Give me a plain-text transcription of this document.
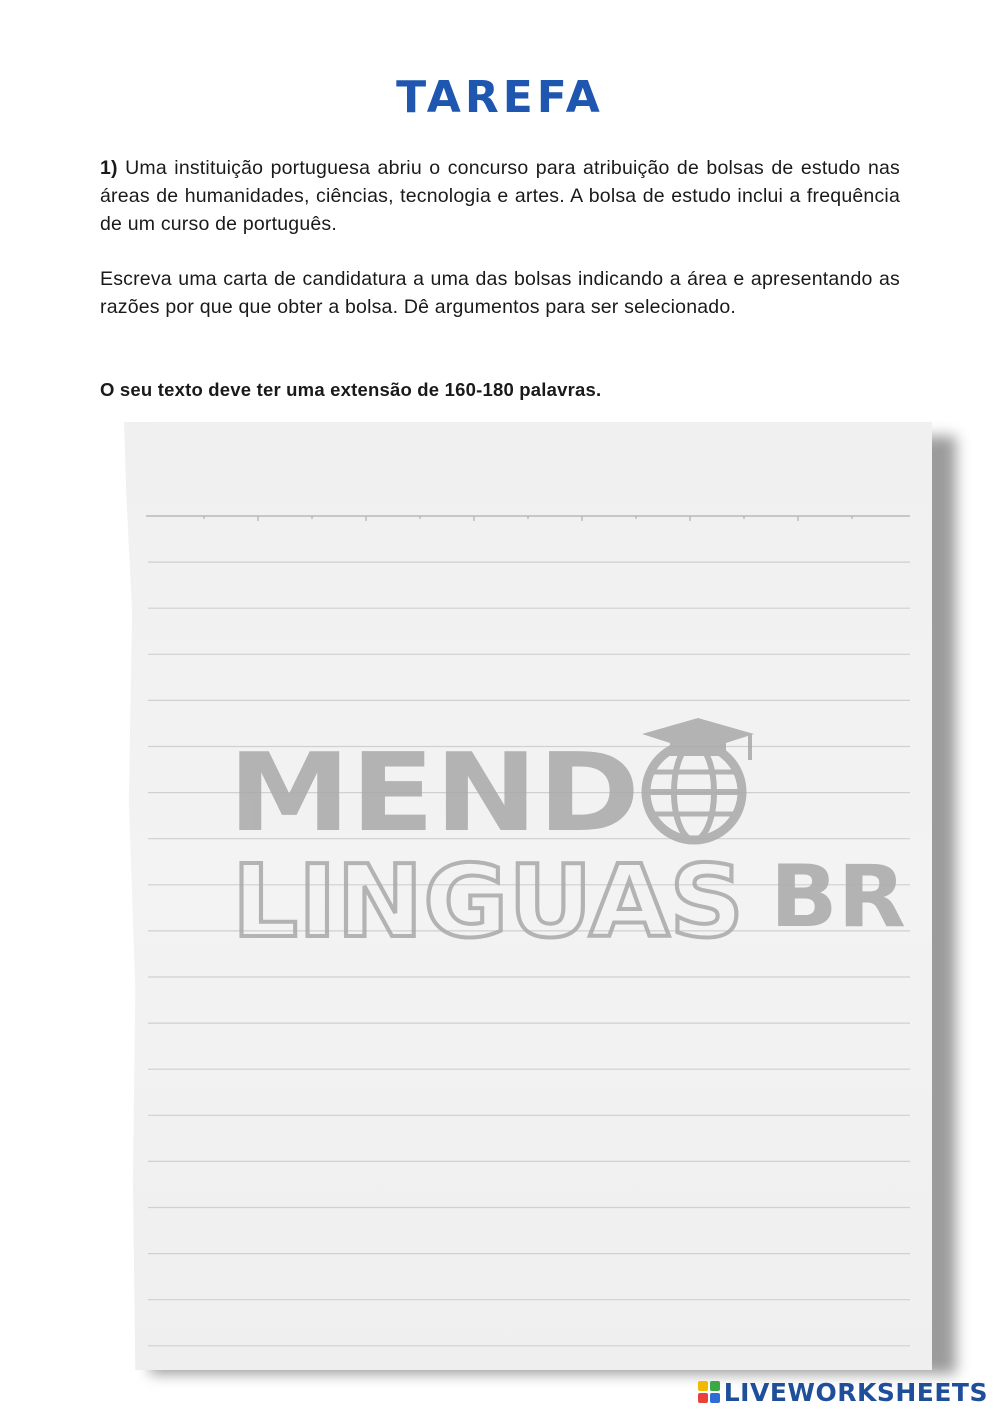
TAREFA
1) Uma instituição portuguesa abriu o concurso para atribuição de bolsas de estudo nas áreas de humanidades, ciências, tecnologia e artes. A bolsa de estudo inclui a frequência de um curso de português.
Escreva uma carta de candidatura a uma das bolsas indicando a área e apresentando as razões por que que obter a bolsa. Dê argumentos para ser selecionado.
O seu texto deve ter uma extensão de 160-180 palavras.
MEND
LINGUAS BR
LIVEWORKSHEETS
